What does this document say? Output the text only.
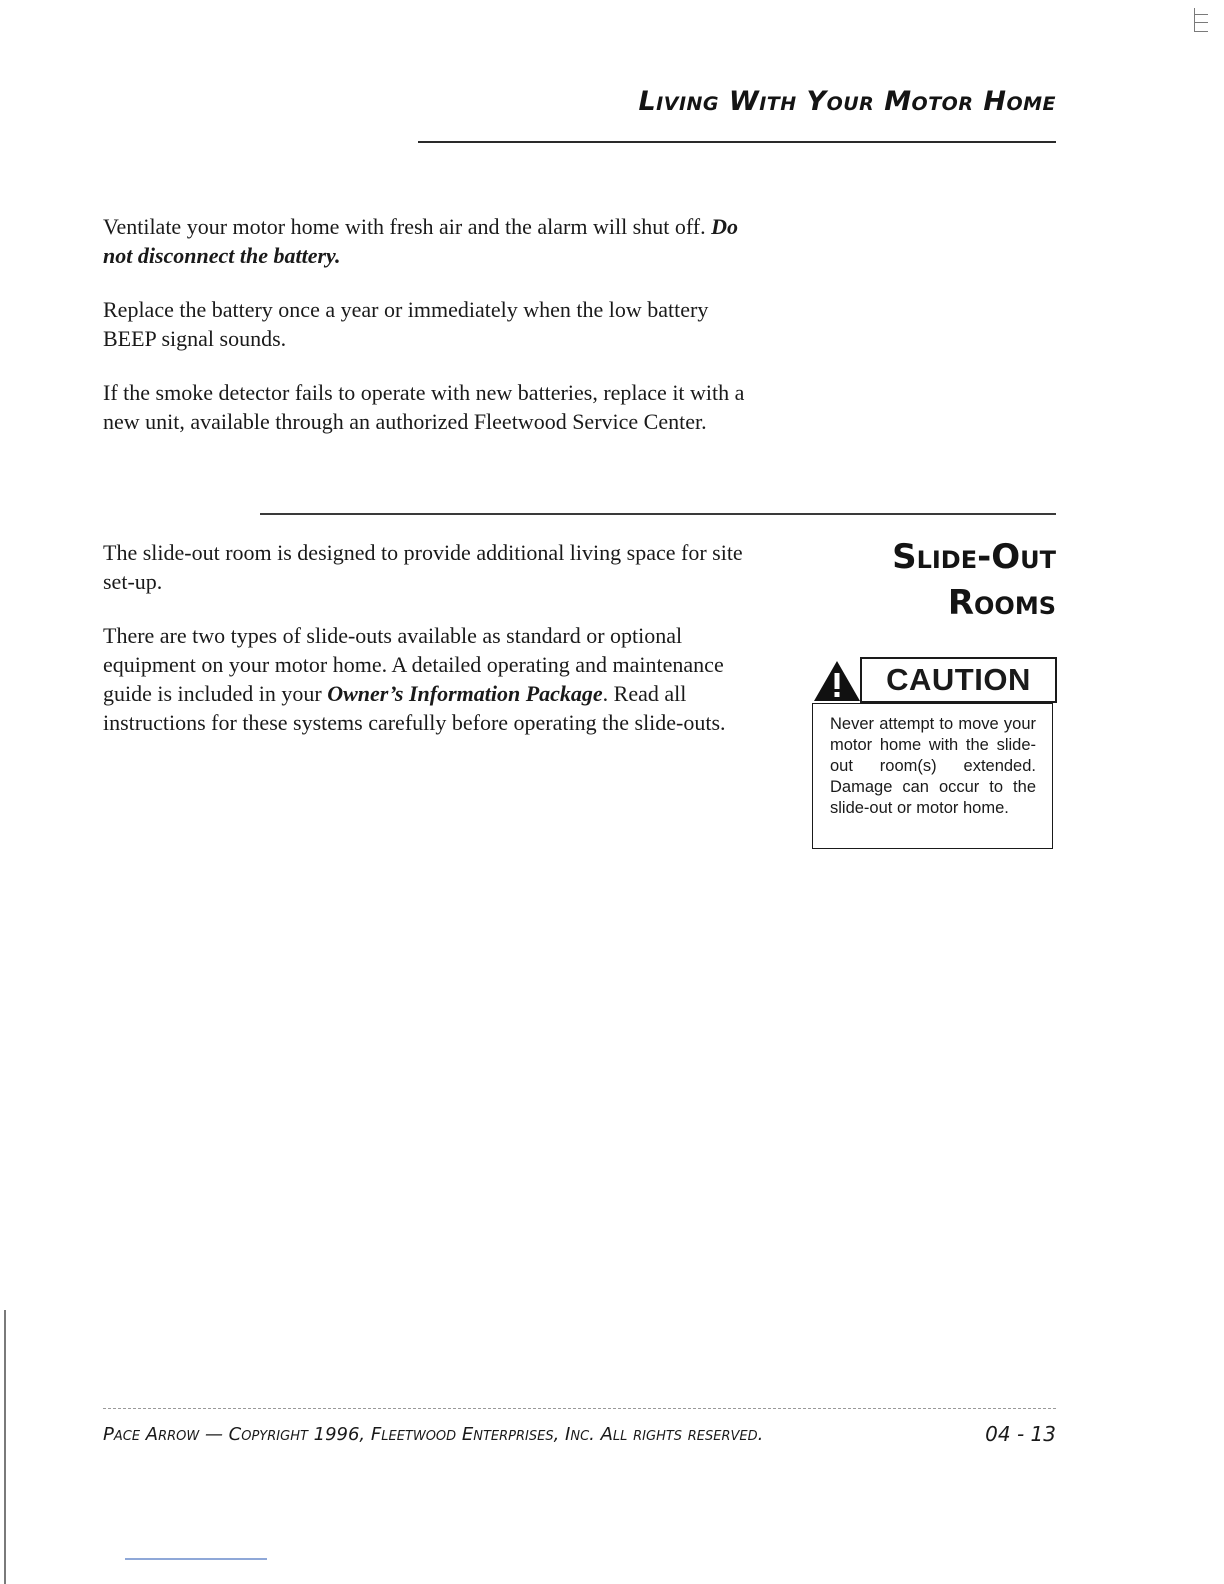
Living With Your Motor Home

Ventilate your motor home with fresh air and the alarm will shut off. Do not disconnect the battery.

Replace the battery once a year or immediately when the low battery BEEP signal sounds.

If the smoke detector fails to operate with new batteries, replace it with a new unit, available through an authorized Fleetwood Service Center.

Slide-Out
Rooms

The slide-out room is designed to provide additional living space for site set-up.

There are two types of slide-outs available as standard or optional equipment on your motor home. A detailed operating and maintenance guide is included in your Owner’s Information Package. Read all instructions for these systems carefully before operating the slide-outs.

CAUTION
Never attempt to move your motor home with the slide-out room(s) extended. Damage can occur to the slide-out or motor home.
Pace Arrow — Copyright 1996, Fleetwood Enterprises, Inc. All rights reserved.	04 - 13
